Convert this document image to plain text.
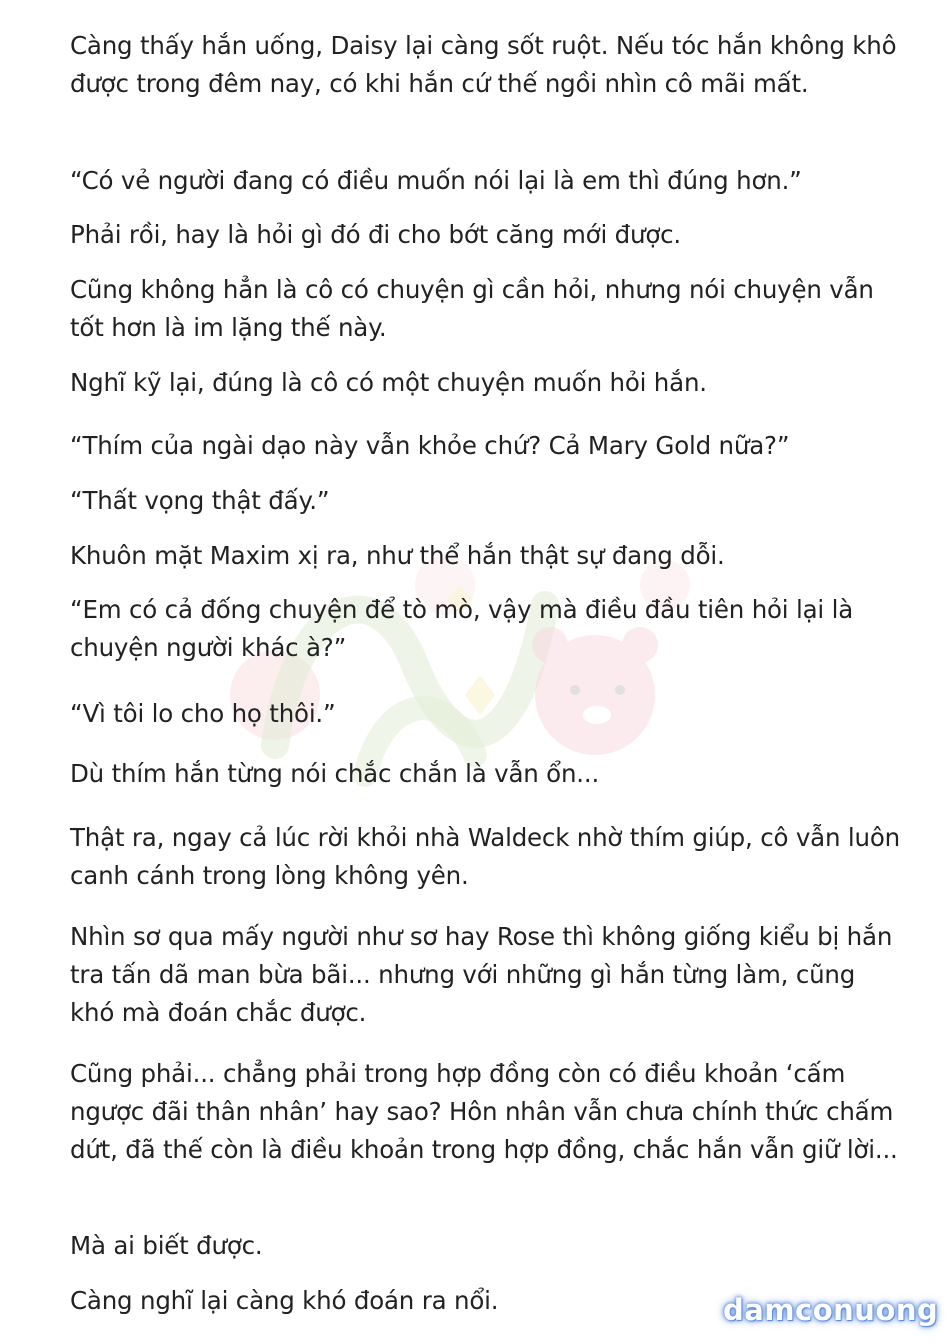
Càng thấy hắn uống, Daisy lại càng sốt ruột. Nếu tóc hắn không khô được trong đêm nay, có khi hắn cứ thế ngồi nhìn cô mãi mất.

“Có vẻ người đang có điều muốn nói lại là em thì đúng hơn.”

Phải rồi, hay là hỏi gì đó đi cho bớt căng mới được.

Cũng không hẳn là cô có chuyện gì cần hỏi, nhưng nói chuyện vẫn tốt hơn là im lặng thế này.

Nghĩ kỹ lại, đúng là cô có một chuyện muốn hỏi hắn.

“Thím của ngài dạo này vẫn khỏe chứ? Cả Mary Gold nữa?”

“Thất vọng thật đấy.”

Khuôn mặt Maxim xị ra, như thể hắn thật sự đang dỗi.

“Em có cả đống chuyện để tò mò, vậy mà điều đầu tiên hỏi lại là chuyện người khác à?”

“Vì tôi lo cho họ thôi.”

Dù thím hắn từng nói chắc chắn là vẫn ổn...

Thật ra, ngay cả lúc rời khỏi nhà Waldeck nhờ thím giúp, cô vẫn luôn canh cánh trong lòng không yên.

Nhìn sơ qua mấy người như sơ hay Rose thì không giống kiểu bị hắn tra tấn dã man bừa bãi... nhưng với những gì hắn từng làm, cũng khó mà đoán chắc được.

Cũng phải... chẳng phải trong hợp đồng còn có điều khoản ‘cấm ngược đãi thân nhân’ hay sao? Hôn nhân vẫn chưa chính thức chấm dứt, đã thế còn là điều khoản trong hợp đồng, chắc hắn vẫn giữ lời...

Mà ai biết được.

Càng nghĩ lại càng khó đoán ra nổi.	damconuong
